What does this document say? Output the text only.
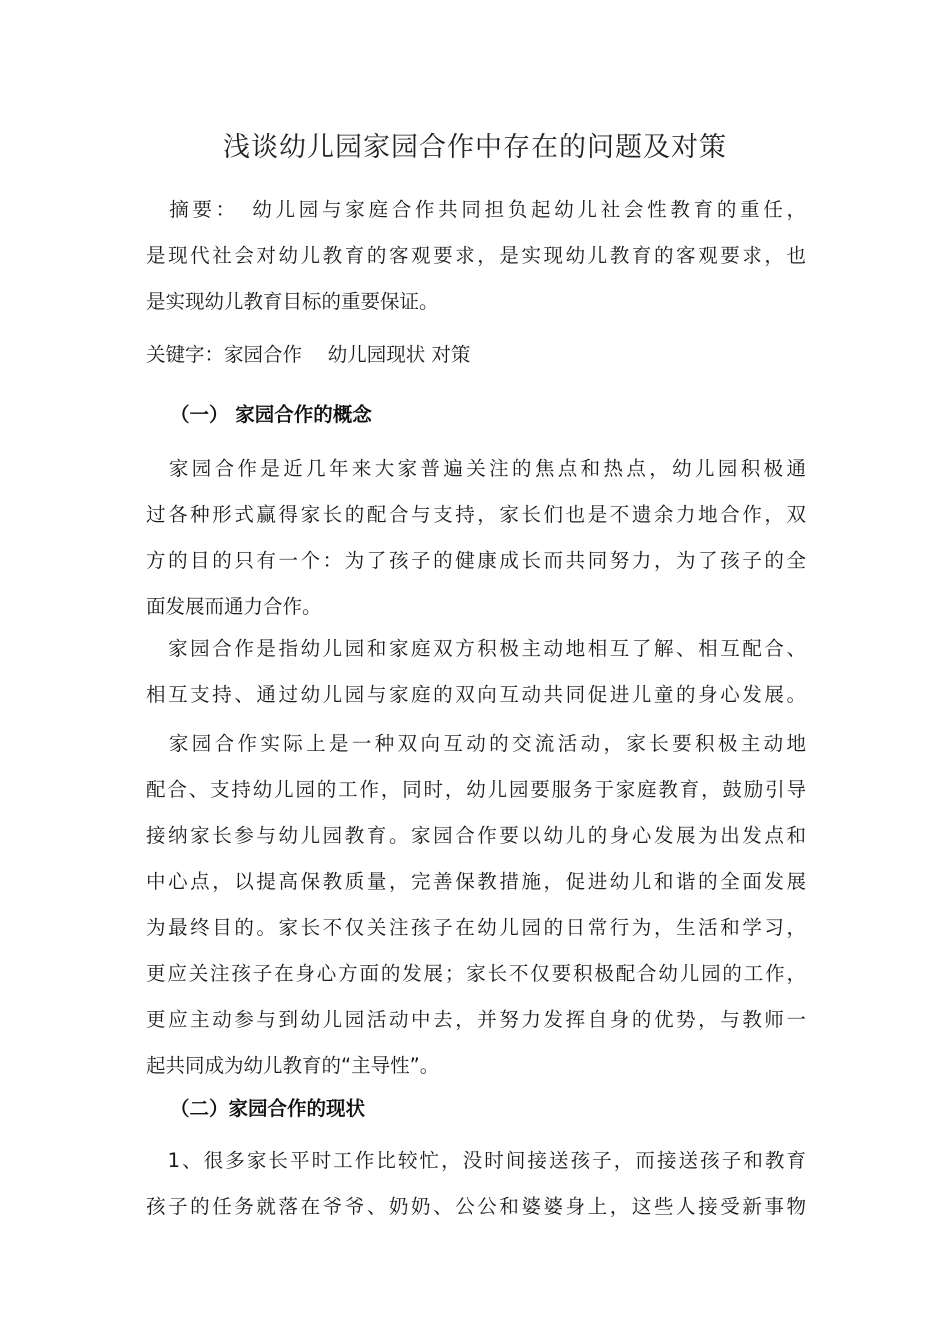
浅谈幼儿园家园合作中存在的问题及对策
　摘要：　幼儿园与家庭合作共同担负起幼儿社会性教育的重任，
是现代社会对幼儿教育的客观要求，是实现幼儿教育的客观要求，也
是实现幼儿教育目标的重要保证。
关键字：家园合作　 幼儿园现状 对策
（一） 家园合作的概念
　家园合作是近几年来大家普遍关注的焦点和热点，幼儿园积极通
过各种形式赢得家长的配合与支持，家长们也是不遗余力地合作，双
方的目的只有一个：为了孩子的健康成长而共同努力，为了孩子的全
面发展而通力合作。
　家园合作是指幼儿园和家庭双方积极主动地相互了解、相互配合、
相互支持、通过幼儿园与家庭的双向互动共同促进儿童的身心发展。
　家园合作实际上是一种双向互动的交流活动，家长要积极主动地
配合、支持幼儿园的工作，同时，幼儿园要服务于家庭教育，鼓励引导
接纳家长参与幼儿园教育。家园合作要以幼儿的身心发展为出发点和
中心点，以提高保教质量，完善保教措施，促进幼儿和谐的全面发展
为最终目的。家长不仅关注孩子在幼儿园的日常行为，生活和学习，
更应关注孩子在身心方面的发展；家长不仅要积极配合幼儿园的工作，
更应主动参与到幼儿园活动中去，并努力发挥自身的优势，与教师一
起共同成为幼儿教育的“主导性”。
（二）家园合作的现状
　1、很多家长平时工作比较忙，没时间接送孩子，而接送孩子和教育
孩子的任务就落在爷爷、奶奶、公公和婆婆身上，这些人接受新事物
